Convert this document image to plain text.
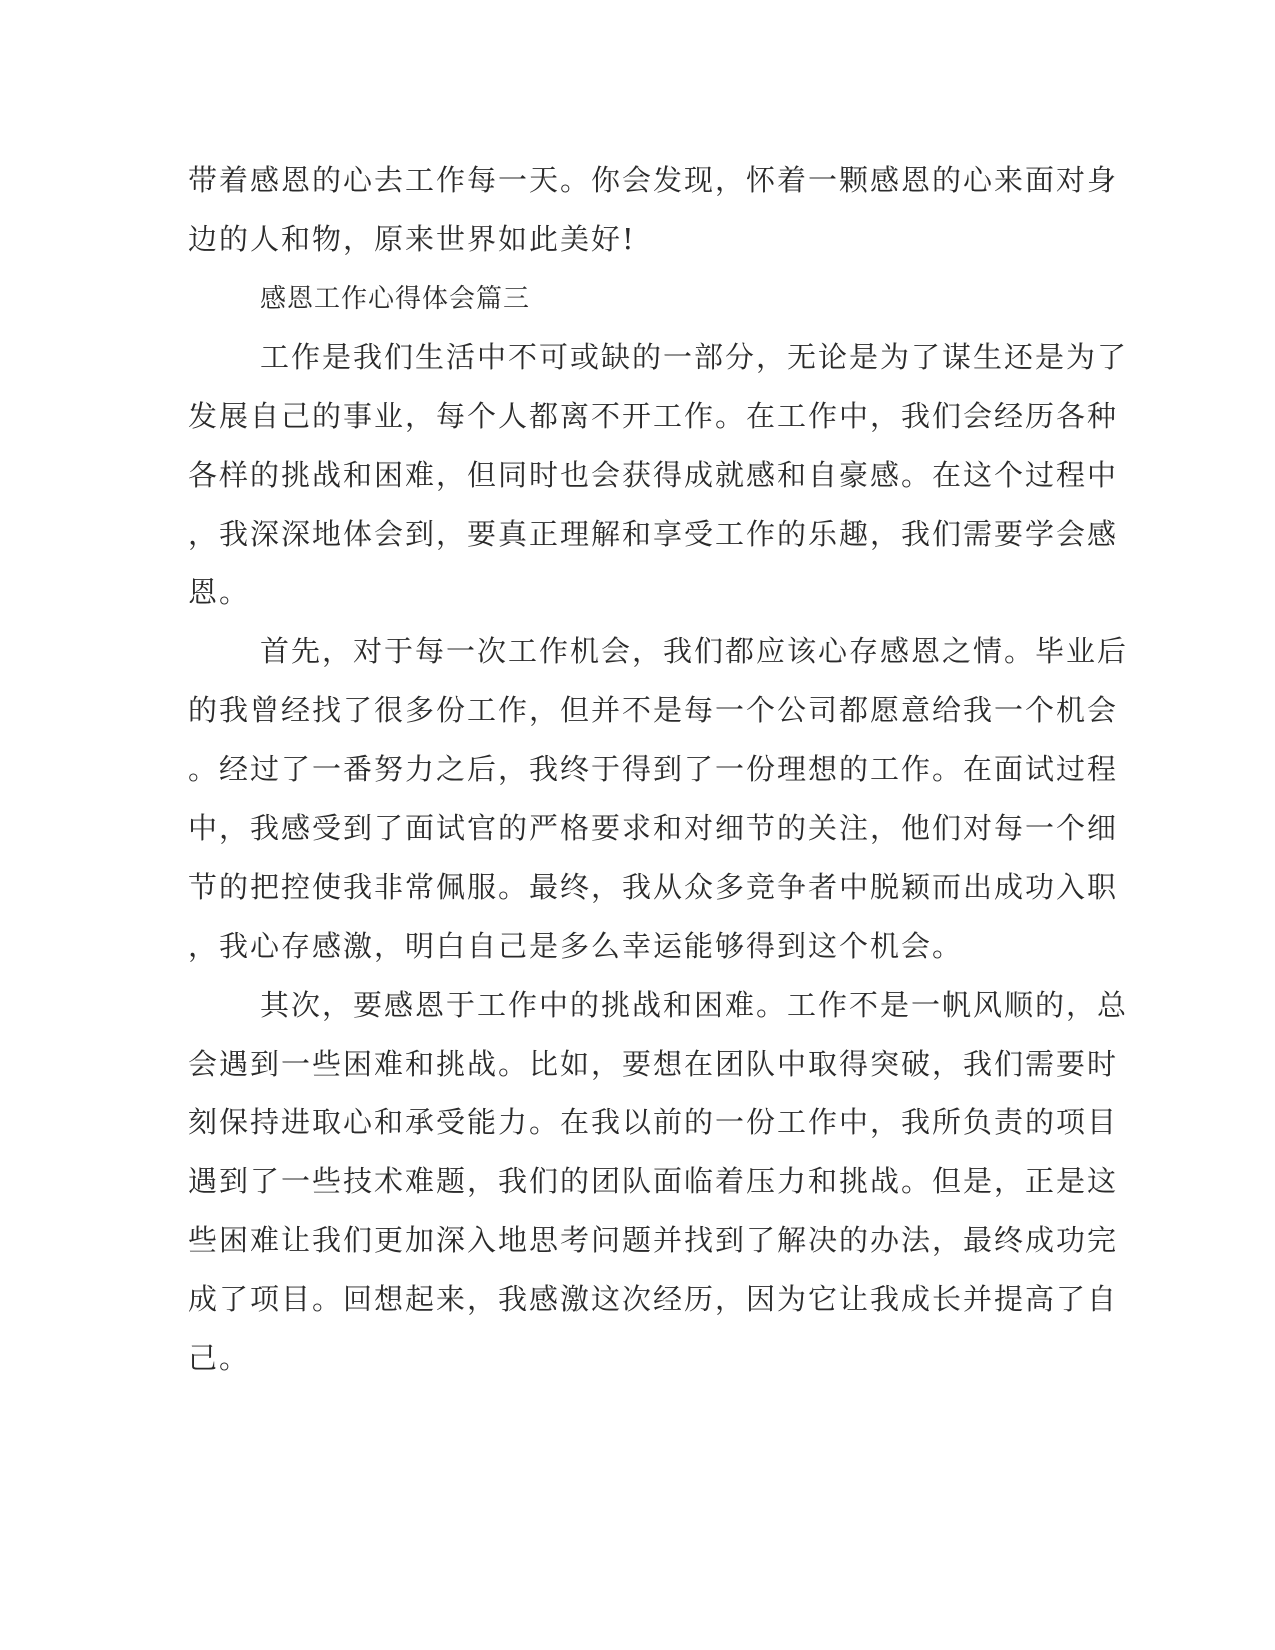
带着感恩的心去工作每一天。你会发现，怀着一颗感恩的心来面对身
边的人和物，原来世界如此美好!
感恩工作心得体会篇三
工作是我们生活中不可或缺的一部分，无论是为了谋生还是为了
发展自己的事业，每个人都离不开工作。在工作中，我们会经历各种
各样的挑战和困难，但同时也会获得成就感和自豪感。在这个过程中
，我深深地体会到，要真正理解和享受工作的乐趣，我们需要学会感
恩。
首先，对于每一次工作机会，我们都应该心存感恩之情。毕业后
的我曾经找了很多份工作，但并不是每一个公司都愿意给我一个机会
。经过了一番努力之后，我终于得到了一份理想的工作。在面试过程
中，我感受到了面试官的严格要求和对细节的关注，他们对每一个细
节的把控使我非常佩服。最终，我从众多竞争者中脱颖而出成功入职
，我心存感激，明白自己是多么幸运能够得到这个机会。
其次，要感恩于工作中的挑战和困难。工作不是一帆风顺的，总
会遇到一些困难和挑战。比如，要想在团队中取得突破，我们需要时
刻保持进取心和承受能力。在我以前的一份工作中，我所负责的项目
遇到了一些技术难题，我们的团队面临着压力和挑战。但是，正是这
些困难让我们更加深入地思考问题并找到了解决的办法，最终成功完
成了项目。回想起来，我感激这次经历，因为它让我成长并提高了自
己。
